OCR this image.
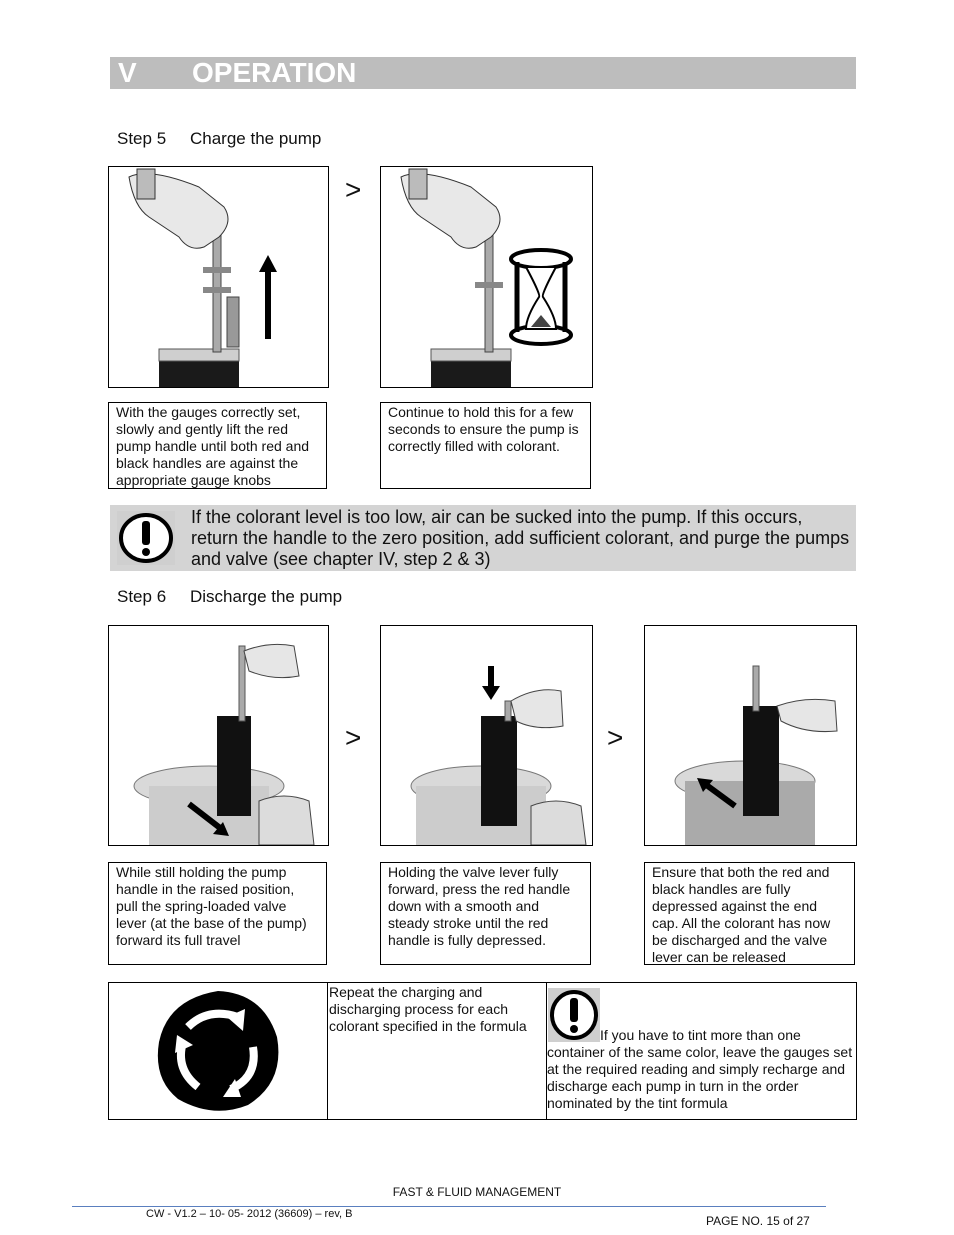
V OPERATION
Step 5 Charge the pump
>
With the gauges correctly set, slowly and gently lift the red pump handle until both red and black handles are against the appropriate gauge knobs
Continue to hold this for a few seconds to ensure the pump is correctly filled with colorant.
If the colorant level is too low, air can be sucked into the pump. If this occurs, return the handle to the zero position, add sufficient colorant, and purge the pumps and valve (see chapter IV, step 2 & 3)
Step 6 Discharge the pump
>	>
While still holding the pump handle in the raised position, pull the spring-loaded valve lever (at the base of the pump) forward its full travel
Holding the valve lever fully forward, press the red handle down with a smooth and steady stroke until the red handle is fully depressed.
Ensure that both the red and black handles are fully depressed against the end cap. All the colorant has now be discharged and the valve lever can be released
Repeat the charging and discharging process for each colorant specified in the formula
If you have to tint more than one container of the same color, leave the gauges set at the required reading and simply recharge and discharge each pump in turn in the order nominated by the tint formula
FAST & FLUID MANAGEMENT
CW - V1.2 – 10- 05- 2012 (36609) – rev, B	PAGE NO. 15 of 27
